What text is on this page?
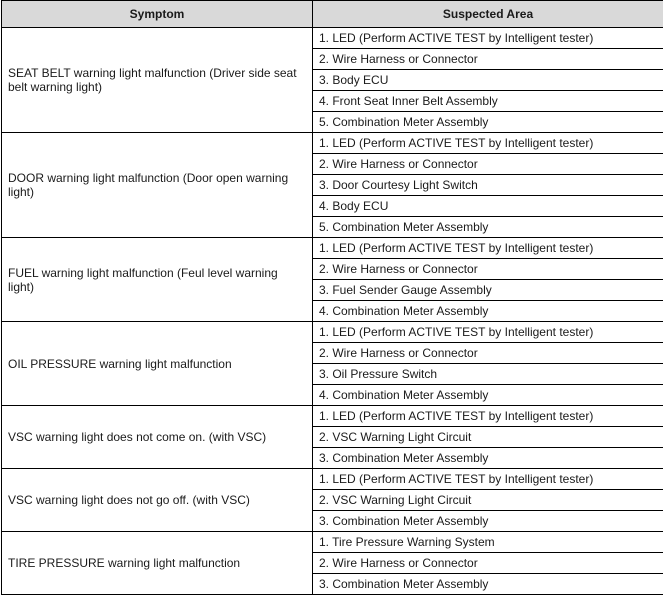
Symptom	Suspected Area
SEAT BELT warning light malfunction (Driver side seat belt warning light)	1. LED (Perform ACTIVE TEST by Intelligent tester)
	2. Wire Harness or Connector
	3. Body ECU
	4. Front Seat Inner Belt Assembly
	5. Combination Meter Assembly
DOOR warning light malfunction (Door open warning light)	1. LED (Perform ACTIVE TEST by Intelligent tester)
	2. Wire Harness or Connector
	3. Door Courtesy Light Switch
	4. Body ECU
	5. Combination Meter Assembly
FUEL warning light malfunction (Feul level warning light)	1. LED (Perform ACTIVE TEST by Intelligent tester)
	2. Wire Harness or Connector
	3. Fuel Sender Gauge Assembly
	4. Combination Meter Assembly
OIL PRESSURE warning light malfunction	1. LED (Perform ACTIVE TEST by Intelligent tester)
	2. Wire Harness or Connector
	3. Oil Pressure Switch
	4. Combination Meter Assembly
VSC warning light does not come on. (with VSC)	1. LED (Perform ACTIVE TEST by Intelligent tester)
	2. VSC Warning Light Circuit
	3. Combination Meter Assembly
VSC warning light does not go off. (with VSC)	1. LED (Perform ACTIVE TEST by Intelligent tester)
	2. VSC Warning Light Circuit
	3. Combination Meter Assembly
TIRE PRESSURE warning light malfunction	1. Tire Pressure Warning System
	2. Wire Harness or Connector
	3. Combination Meter Assembly
